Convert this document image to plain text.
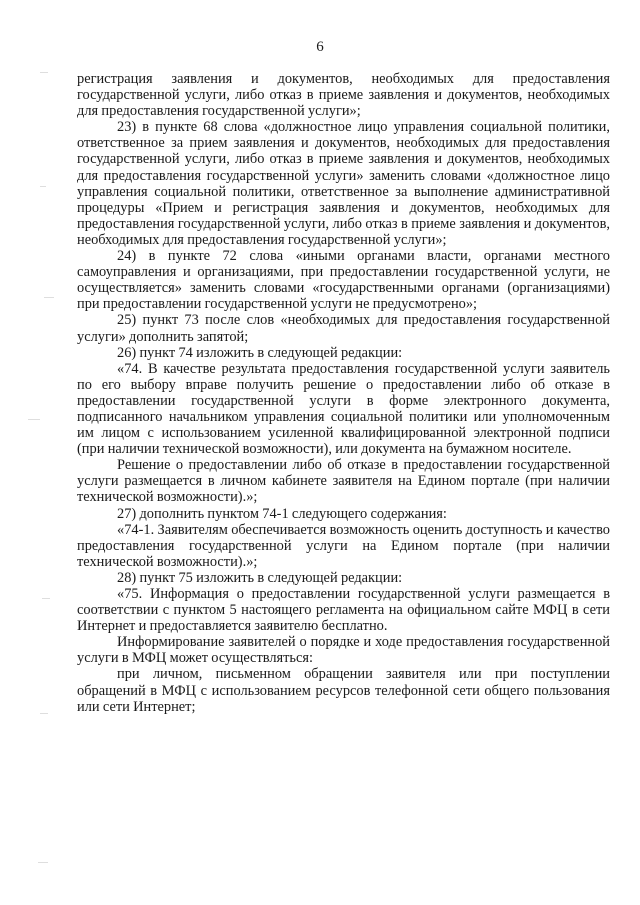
6

регистрация заявления и документов, необходимых для предоставления государственной услуги, либо отказ в приеме заявления и документов, необходимых для предоставления государственной услуги»;

23) в пункте 68 слова «должностное лицо управления социальной политики, ответственное за прием заявления и документов, необходимых для предоставления государственной услуги, либо отказ в приеме заявления и документов, необходимых для предоставления государственной услуги» заменить словами «должностное лицо управления социальной политики, ответственное за выполнение административной процедуры «Прием и регистрация заявления и документов, необходимых для предоставления государственной услуги, либо отказ в приеме заявления и документов, необходимых для предоставления государственной услуги»;

24) в пункте 72 слова «иными органами власти, органами местного самоуправления и организациями, при предоставлении государственной услуги, не осуществляется» заменить словами «государственными органами (организациями) при предоставлении государственной услуги не предусмотрено»;

25) пункт 73 после слов «необходимых для предоставления государственной услуги» дополнить запятой;

26) пункт 74 изложить в следующей редакции:

«74. В качестве результата предоставления государственной услуги заявитель по его выбору вправе получить решение о предоставлении либо об отказе в предоставлении государственной услуги в форме электронного документа, подписанного начальником управления социальной политики или уполномоченным им лицом с использованием усиленной квалифицированной электронной подписи (при наличии технической возможности), или документа на бумажном носителе.

Решение о предоставлении либо об отказе в предоставлении государственной услуги размещается в личном кабинете заявителя на Едином портале (при наличии технической возможности).»;

27) дополнить пунктом 74-1 следующего содержания:

«74-1. Заявителям обеспечивается возможность оценить доступность и качество предоставления государственной услуги на Едином портале (при наличии технической возможности).»;

28) пункт 75 изложить в следующей редакции:

«75. Информация о предоставлении государственной услуги размещается в соответствии с пунктом 5 настоящего регламента на официальном сайте МФЦ в сети Интернет и предоставляется заявителю бесплатно.

Информирование заявителей о порядке и ходе предоставления государственной услуги в МФЦ может осуществляться:

при личном, письменном обращении заявителя или при поступлении обращений в МФЦ с использованием ресурсов телефонной сети общего пользования или сети Интернет;
